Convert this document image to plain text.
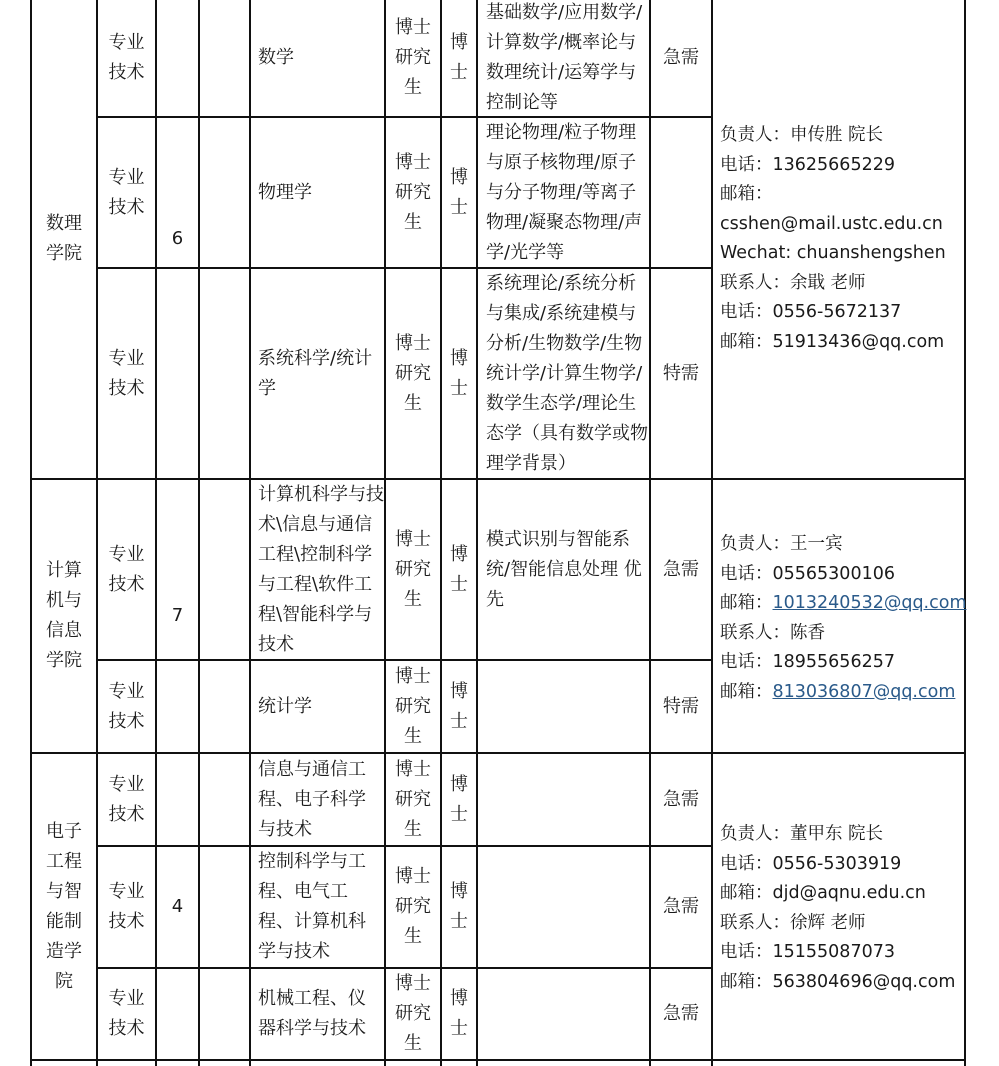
数理学院
6
专业技术
数学
博士研究生
博士
基础数学/应用数学/计算数学/概率论与数理统计/运筹学与控制论等
急需
专业技术
物理学
博士研究生
博士
理论物理/粒子物理与原子核物理/原子与分子物理/等离子物理/凝聚态物理/声学/光学等
专业技术
系统科学/统计学
博士研究生
博士
系统理论/系统分析与集成/系统建模与分析/生物数学/生物统计学/计算生物学/数学生态学/理论生态学（具有数学或物理学背景）
特需
负责人：申传胜 院长
电话：13625665229
邮箱：
csshen@mail.ustc.edu.cn
Wechat: chuanshengshen
联系人：余戢 老师
电话：0556-5672137
邮箱：51913436@qq.com
计算机与信息学院
7
专业技术
计算机科学与技术\信息与通信工程\控制科学与工程\软件工程\智能科学与技术
博士研究生
博士
模式识别与智能系统/智能信息处理 优先
急需
专业技术
统计学
博士研究生
博士
特需
负责人：王一宾
电话：05565300106
邮箱：1013240532@qq.com
联系人：陈香
电话：18955656257
邮箱：813036807@qq.com
电子工程与智能制造学院
4
专业技术
信息与通信工程、电子科学与技术
博士研究生
博士
急需
专业技术
控制科学与工程、电气工程、计算机科学与技术
博士研究生
博士
急需
专业技术
机械工程、仪器科学与技术
博士研究生
博士
急需
负责人：董甲东 院长
电话：0556-5303919
邮箱：djd@aqnu.edu.cn
联系人：徐辉 老师
电话：15155087073
邮箱：563804696@qq.com
